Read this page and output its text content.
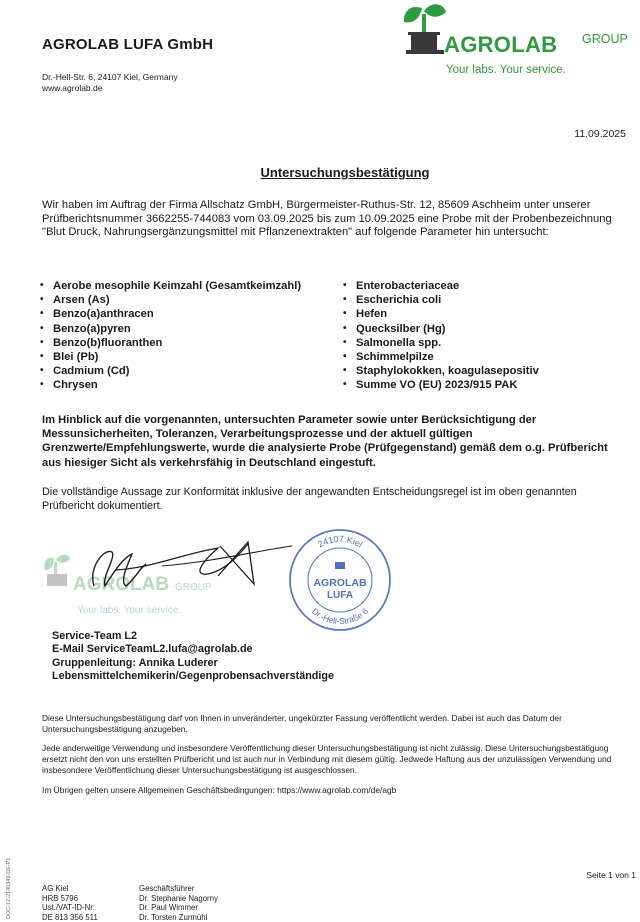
AGROLAB LUFA GmbH
Dr.-Hell-Str. 6, 24107 Kiel, Germany
www.agrolab.de
AGROLAB GROUP
Your labs. Your service.
11.09.2025
Untersuchungsbestätigung
Wir haben im Auftrag der Firma Allschatz GmbH, Bürgermeister-Ruthus-Str. 12, 85609 Aschheim unter unserer Prüfberichtsnummer 3662255-744083 vom 03.09.2025 bis zum 10.09.2025 eine Probe mit der Probenbezeichnung "Blut Druck, Nahrungsergänzungsmittel mit Pflanzenextrakten" auf folgende Parameter hin untersucht:
• Aerobe mesophile Keimzahl (Gesamtkeimzahl)
• Arsen (As)
• Benzo(a)anthracen
• Benzo(a)pyren
• Benzo(b)fluoranthen
• Blei (Pb)
• Cadmium (Cd)
• Chrysen
• Enterobacteriaceae
• Escherichia coli
• Hefen
• Quecksilber (Hg)
• Salmonella spp.
• Schimmelpilze
• Staphylokokken, koagulasepositiv
• Summe VO (EU) 2023/915 PAK
Im Hinblick auf die vorgenannten, untersuchten Parameter sowie unter Berücksichtigung der Messunsicherheiten, Toleranzen, Verarbeitungsprozesse und der aktuell gültigen Grenzwerte/Empfehlungswerte, wurde die analysierte Probe (Prüfgegenstand) gemäß dem o.g. Prüfbericht aus hiesiger Sicht als verkehrsfähig in Deutschland eingestuft.
Die vollständige Aussage zur Konformität inklusive der angewandten Entscheidungsregel ist im oben genannten Prüfbericht dokumentiert.
AGROLAB GROUP
Your labs. Your service.
24107 Kiel
Dr.-Hell-Straße 6
AGROLAB
LUFA
Service-Team L2
E-Mail ServiceTeamL2.lufa@agrolab.de
Gruppenleitung: Annika Luderer
Lebensmittelchemikerin/Gegenprobensachverständige
Diese Untersuchungsbestätigung darf von Ihnen in unveränderter, ungekürzter Fassung veröffentlicht werden. Dabei ist auch das Datum der Untersuchungsbestätigung anzugeben.
Jede anderweitige Verwendung und insbesondere Veröffentlichung dieser Untersuchungsbestätigung ist nicht zulässig. Diese Untersuchungsbestätigung ersetzt nicht den von uns erstellten Prüfbericht und ist auch nur in Verbindung mit diesem gültig. Jedwede Haftung aus der unzulässigen Verwendung und insbesondere Veröffentlichung dieser Untersuchungsbestätigung ist ausgeschlossen.
Im Übrigen gelten unsere Allgemeinen Geschäftsbedingungen: https://www.agrolab.com/de/agb
Seite 1 von 1
AG Kiel
HRB 5796
Ust./VAT-ID-Nr:
DE 813 356 511
Geschäftsführer
Dr. Stephanie Nagorny
Dr. Paul Wimmer
Dr. Torsten Zurmühl
DOC-12-2140349-DE-P1
